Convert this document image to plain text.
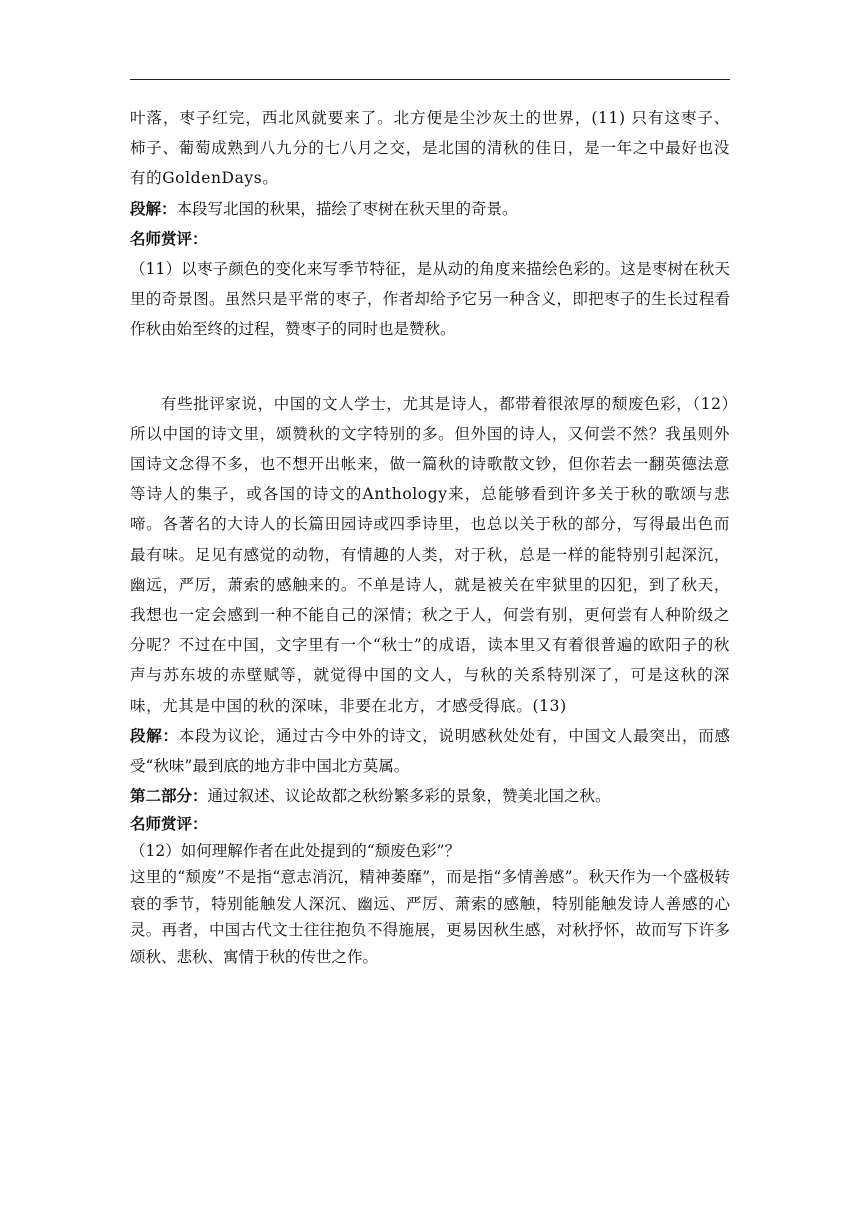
叶落，枣子红完，西北风就要来了。北方便是尘沙灰土的世界，(11) 只有这枣子、柿子、葡萄成熟到八九分的七八月之交，是北国的清秋的佳日，是一年之中最好也没有的GoldenDays。

段解：本段写北国的秋果，描绘了枣树在秋天里的奇景。

名师赏评：

（11）以枣子颜色的变化来写季节特征，是从动的角度来描绘色彩的。这是枣树在秋天里的奇景图。虽然只是平常的枣子，作者却给予它另一种含义，即把枣子的生长过程看作秋由始至终的过程，赞枣子的同时也是赞秋。

有些批评家说，中国的文人学士，尤其是诗人，都带着很浓厚的颓废色彩，（12）所以中国的诗文里，颂赞秋的文字特别的多。但外国的诗人，又何尝不然？我虽则外国诗文念得不多，也不想开出帐来，做一篇秋的诗歌散文钞，但你若去一翻英德法意等诗人的集子，或各国的诗文的Anthology来，总能够看到许多关于秋的歌颂与悲啼。各著名的大诗人的长篇田园诗或四季诗里，也总以关于秋的部分，写得最出色而最有味。足见有感觉的动物，有情趣的人类，对于秋，总是一样的能特别引起深沉，幽远，严厉，萧索的感触来的。不单是诗人，就是被关在牢狱里的囚犯，到了秋天，我想也一定会感到一种不能自己的深情；秋之于人，何尝有别，更何尝有人种阶级之分呢？不过在中国，文字里有一个“秋士”的成语，读本里又有着很普遍的欧阳子的秋声与苏东坡的赤壁赋等，就觉得中国的文人，与秋的关系特别深了，可是这秋的深味，尤其是中国的秋的深味，非要在北方，才感受得底。(13)

段解：本段为议论，通过古今中外的诗文，说明感秋处处有，中国文人最突出，而感受“秋味”最到底的地方非中国北方莫属。

第二部分：通过叙述、议论故都之秋纷繁多彩的景象，赞美北国之秋。

名师赏评：

（12）如何理解作者在此处提到的“颓废色彩”？

这里的“颓废”不是指“意志消沉，精神萎靡”，而是指“多情善感”。秋天作为一个盛极转衰的季节，特别能触发人深沉、幽远、严厉、萧索的感触，特别能触发诗人善感的心灵。再者，中国古代文士往往抱负不得施展，更易因秋生感，对秋抒怀，故而写下许多颂秋、悲秋、寓情于秋的传世之作。
